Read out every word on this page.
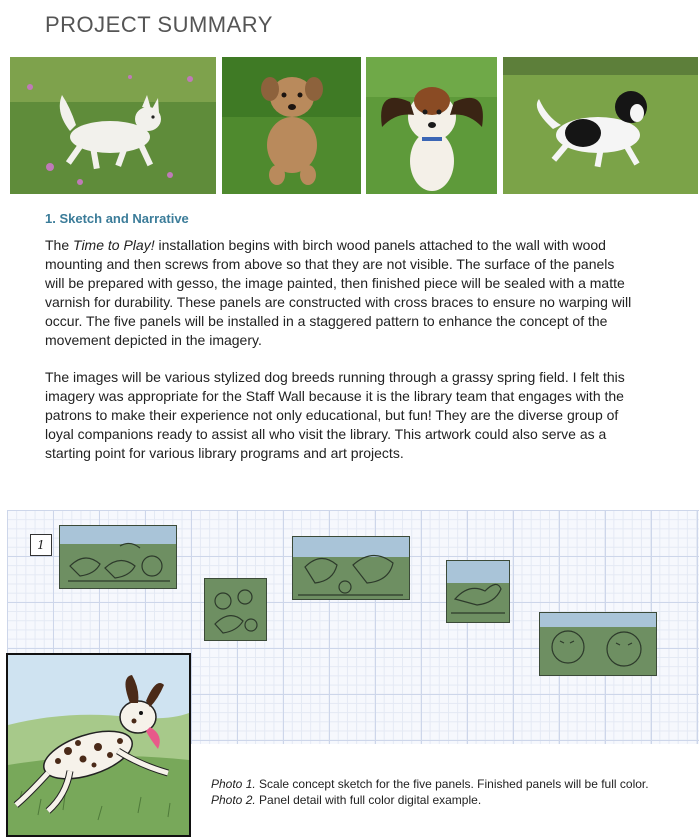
PROJECT SUMMARY
1. Sketch and Narrative

The Time to Play! installation begins with birch wood panels attached to the wall with wood
mounting and then screws from above so that they are not visible. The surface of the panels
will be prepared with gesso, the image painted, then finished piece will be sealed with a matte
varnish for durability. These panels are constructed with cross braces to ensure no warping will
occur. The five panels will be installed in a staggered pattern to enhance the concept of the
movement depicted in the imagery.

The images will be various stylized dog breeds running through a grassy spring field. I felt this
imagery was appropriate for the Staff Wall because it is the library team that engages with the
patrons to make their experience not only educational, but fun! They are the diverse group of
loyal companions ready to assist all who visit the library. This artwork could also serve as a
starting point for various library programs and art projects.

1
Photo 1. Scale concept sketch for the five panels. Finished panels will be full color.
Photo 2. Panel detail with full color digital example.
